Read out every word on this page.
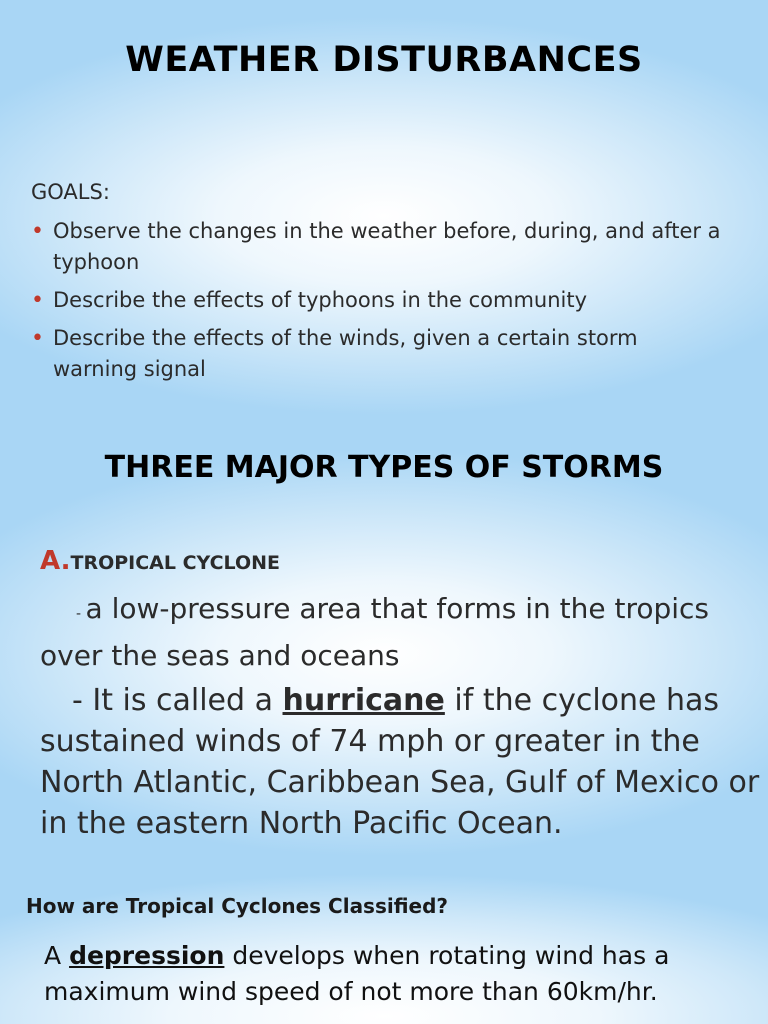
WEATHER DISTURBANCES
GOALS:
• Observe the changes in the weather before, during, and after a typhoon
• Describe the effects of typhoons in the community
• Describe the effects of the winds, given a certain storm warning signal
THREE MAJOR TYPES OF STORMS
A.TROPICAL CYCLONE

- a low-pressure area that forms in the tropics over the seas and oceans

- It is called a hurricane if the cyclone has sustained winds of 74 mph or greater in the North Atlantic, Caribbean Sea, Gulf of Mexico or in the eastern North Pacific Ocean.

How are Tropical Cyclones Classified?

A depression develops when rotating wind has a maximum wind speed of not more than 60km/hr.
